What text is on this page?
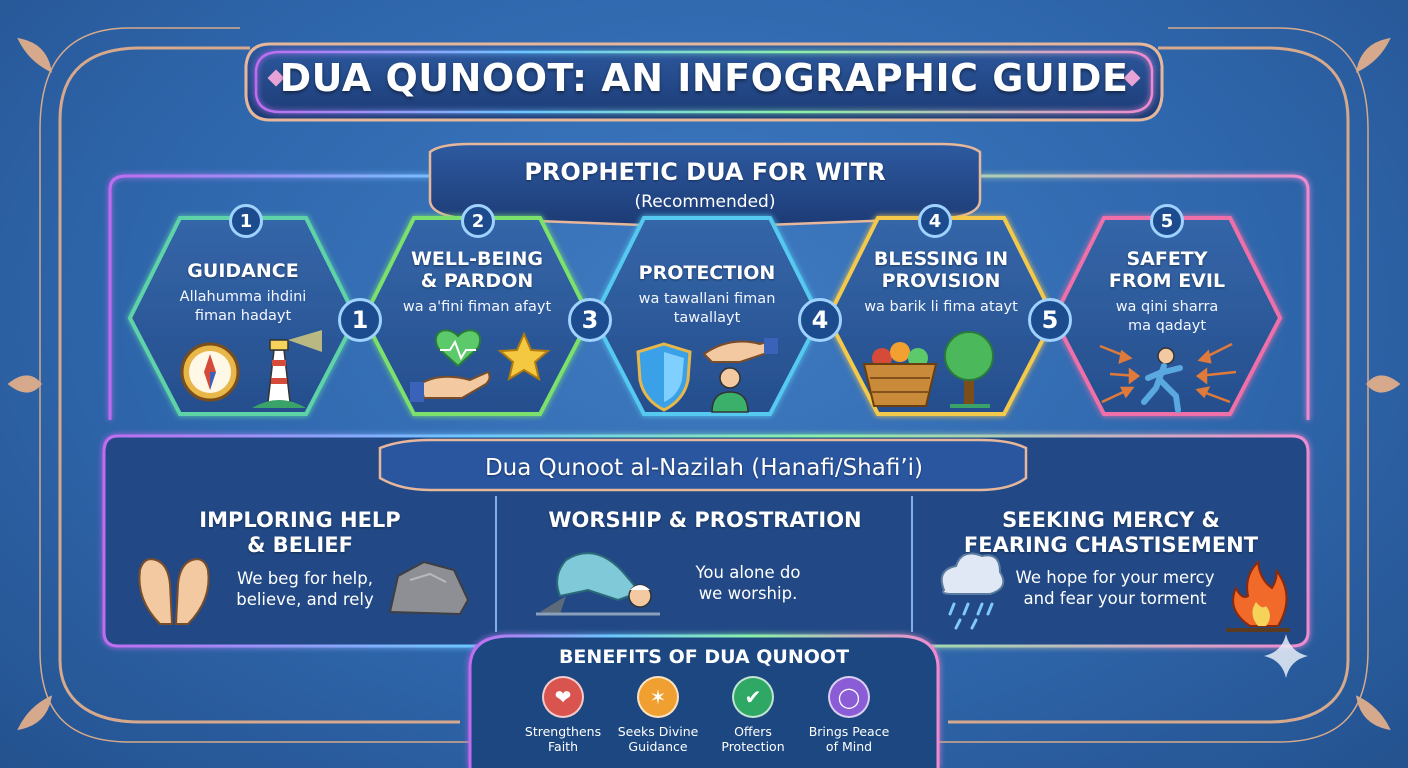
DUA QUNOOT: AN INFOGRAPHIC GUIDE
PROPHETIC DUA FOR WITR
(Recommended)
1	2	4	5
1	3	4	5
GUIDANCE
Allahumma ihdini
fiman hadayt
WELL-BEING
& PARDON
wa a'fini fiman afayt
PROTECTION
wa tawallani fiman
tawallayt
BLESSING IN
PROVISION
wa barik li fima atayt
SAFETY
FROM EVIL
wa qini sharra
ma qadayt
Dua Qunoot al-Nazilah (Hanafi/Shafi’i)
IMPLORING HELP
& BELIEF
We beg for help,
believe, and rely
WORSHIP & PROSTRATION
You alone do
we worship.
SEEKING MERCY &
FEARING CHASTISEMENT
We hope for your mercy
and fear your torment
BENEFITS OF DUA QUNOOT
❤
Strengthens
Faith
✶
Seeks Divine
Guidance
✔
Offers
Protection
◯
Brings Peace
of Mind
